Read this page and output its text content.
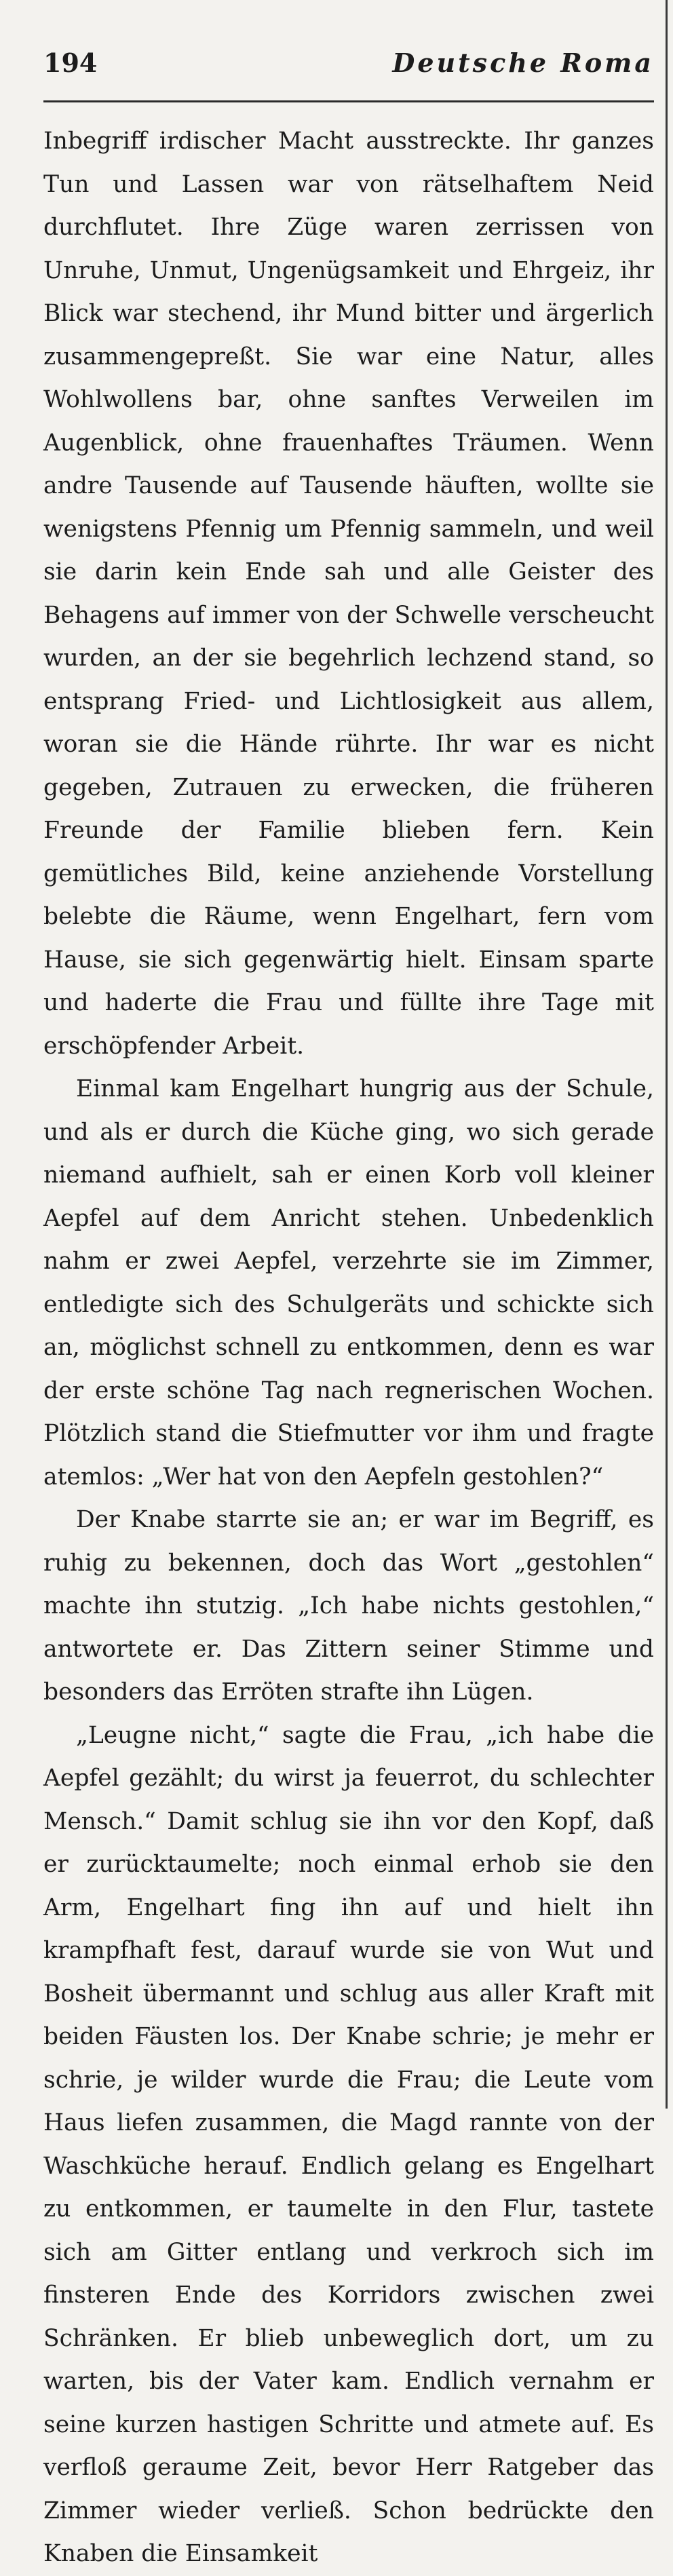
194	Deutsche Roma

Inbegriff irdischer Macht ausstreckte. Ihr ganzes Tun und Lassen war von rätselhaftem Neid durchflutet. Ihre Züge waren zerrissen von Unruhe, Unmut, Ungenügsamkeit und Ehrgeiz, ihr Blick war stechend, ihr Mund bitter und ärgerlich zusammengepreßt. Sie war eine Natur, alles Wohlwollens bar, ohne sanftes Verweilen im Augenblick, ohne frauenhaftes Träumen. Wenn andre Tausende auf Tausende häuften, wollte sie wenigstens Pfennig um Pfennig sammeln, und weil sie darin kein Ende sah und alle Geister des Behagens auf immer von der Schwelle verscheucht wurden, an der sie begehrlich lechzend stand, so entsprang Fried- und Lichtlosigkeit aus allem, woran sie die Hände rührte. Ihr war es nicht gegeben, Zutrauen zu erwecken, die früheren Freunde der Familie blieben fern. Kein gemütliches Bild, keine anziehende Vorstellung belebte die Räume, wenn Engelhart, fern vom Hause, sie sich gegenwärtig hielt. Einsam sparte und haderte die Frau und füllte ihre Tage mit erschöpfender Arbeit.

Einmal kam Engelhart hungrig aus der Schule, und als er durch die Küche ging, wo sich gerade niemand aufhielt, sah er einen Korb voll kleiner Aepfel auf dem Anricht stehen. Unbedenklich nahm er zwei Aepfel, verzehrte sie im Zimmer, entledigte sich des Schulgeräts und schickte sich an, möglichst schnell zu entkommen, denn es war der erste schöne Tag nach regnerischen Wochen. Plötzlich stand die Stiefmutter vor ihm und fragte atemlos: „Wer hat von den Aepfeln gestohlen?“

Der Knabe starrte sie an; er war im Begriff, es ruhig zu bekennen, doch das Wort „gestohlen“ machte ihn stutzig. „Ich habe nichts gestohlen,“ antwortete er. Das Zittern seiner Stimme und besonders das Erröten strafte ihn Lügen.

„Leugne nicht,“ sagte die Frau, „ich habe die Aepfel gezählt; du wirst ja feuerrot, du schlechter Mensch.“ Damit schlug sie ihn vor den Kopf, daß er zurücktaumelte; noch einmal erhob sie den Arm, Engelhart fing ihn auf und hielt ihn krampfhaft fest, darauf wurde sie von Wut und Bosheit übermannt und schlug aus aller Kraft mit beiden Fäusten los. Der Knabe schrie; je mehr er schrie, je wilder wurde die Frau; die Leute vom Haus liefen zusammen, die Magd rannte von der Waschküche herauf. Endlich gelang es Engelhart zu entkommen, er taumelte in den Flur, tastete sich am Gitter entlang und verkroch sich im finsteren Ende des Korridors zwischen zwei Schränken. Er blieb unbeweglich dort, um zu warten, bis der Vater kam. Endlich vernahm er seine kurzen hastigen Schritte und atmete auf. Es verfloß geraume Zeit, bevor Herr Ratgeber das Zimmer wieder verließ. Schon bedrückte den Knaben die Einsamkeit
